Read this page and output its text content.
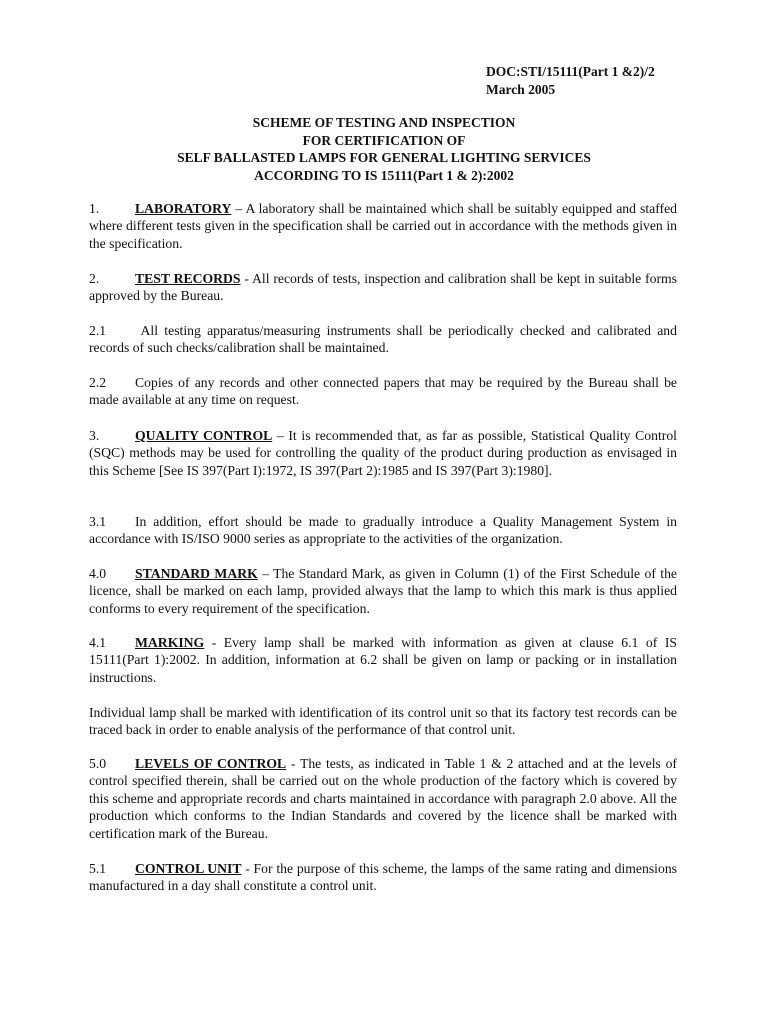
DOC:STI/15111(Part 1 &2)/2
March 2005
SCHEME OF TESTING AND INSPECTION
FOR CERTIFICATION OF
SELF BALLASTED LAMPS FOR GENERAL LIGHTING SERVICES
ACCORDING TO IS 15111(Part 1 & 2):2002
1.	LABORATORY – A laboratory shall be maintained which shall be suitably equipped and staffed where different tests given in the specification shall be carried out in accordance with the methods given in the specification.
2.	TEST RECORDS - All records of tests, inspection and calibration shall be kept in suitable forms approved by the Bureau.
2.1 All testing apparatus/measuring instruments shall be periodically checked and calibrated and records of such checks/calibration shall be maintained.
2.2 Copies of any records and other connected papers that may be required by the Bureau shall be made available at any time on request.
3.	QUALITY CONTROL – It is recommended that, as far as possible, Statistical Quality Control (SQC) methods may be used for controlling the quality of the product during production as envisaged in this Scheme [See IS 397(Part I):1972, IS 397(Part 2):1985 and IS 397(Part 3):1980].
3.1 In addition, effort should be made to gradually introduce a Quality Management System in accordance with IS/ISO 9000 series as appropriate to the activities of the organization.
4.0 STANDARD MARK – The Standard Mark, as given in Column (1) of the First Schedule of the licence, shall be marked on each lamp, provided always that the lamp to which this mark is thus applied conforms to every requirement of the specification.
4.1 MARKING - Every lamp shall be marked with information as given at clause 6.1 of IS 15111(Part 1):2002. In addition, information at 6.2 shall be given on lamp or packing or in installation instructions.
Individual lamp shall be marked with identification of its control unit so that its factory test records can be traced back in order to enable analysis of the performance of that control unit.
5.0 LEVELS OF CONTROL - The tests, as indicated in Table 1 & 2 attached and at the levels of control specified therein, shall be carried out on the whole production of the factory which is covered by this scheme and appropriate records and charts maintained in accordance with paragraph 2.0 above. All the production which conforms to the Indian Standards and covered by the licence shall be marked with certification mark of the Bureau.
5.1 CONTROL UNIT - For the purpose of this scheme, the lamps of the same rating and dimensions manufactured in a day shall constitute a control unit.
